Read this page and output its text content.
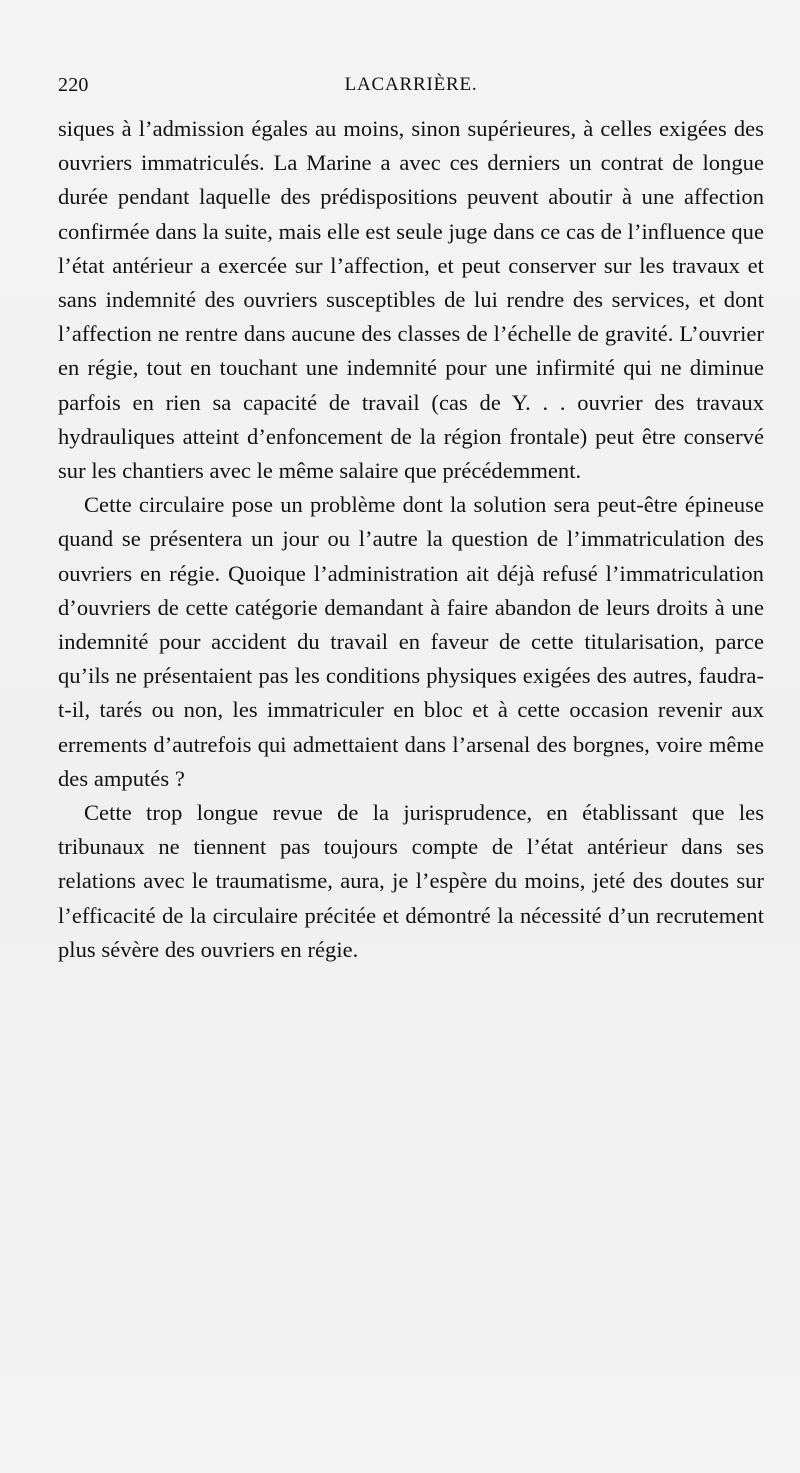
220	LACARRIÈRE.

siques à l’admission égales au moins, sinon supérieures, à celles exigées des ouvriers immatriculés. La Marine a avec ces derniers un contrat de longue durée pendant laquelle des prédispositions peuvent aboutir à une affection confirmée dans la suite, mais elle est seule juge dans ce cas de l’influence que l’état antérieur a exercée sur l’affection, et peut conserver sur les travaux et sans indemnité des ouvriers susceptibles de lui rendre des services, et dont l’affection ne rentre dans aucune des classes de l’échelle de gravité. L’ouvrier en régie, tout en touchant une indemnité pour une infirmité qui ne diminue parfois en rien sa capacité de travail (cas de Y. . . ouvrier des travaux hydrauliques atteint d’enfoncement de la région frontale) peut être conservé sur les chantiers avec le même salaire que précédemment.

Cette circulaire pose un problème dont la solution sera peut-être épineuse quand se présentera un jour ou l’autre la question de l’immatriculation des ouvriers en régie. Quoique l’administration ait déjà refusé l’immatriculation d’ouvriers de cette catégorie demandant à faire abandon de leurs droits à une indemnité pour accident du travail en faveur de cette titularisation, parce qu’ils ne présentaient pas les conditions physiques exigées des autres, faudra-t-il, tarés ou non, les immatriculer en bloc et à cette occasion revenir aux errements d’autrefois qui admettaient dans l’arsenal des borgnes, voire même des amputés ?

Cette trop longue revue de la jurisprudence, en établissant que les tribunaux ne tiennent pas toujours compte de l’état antérieur dans ses relations avec le traumatisme, aura, je l’espère du moins, jeté des doutes sur l’efficacité de la circulaire précitée et démontré la nécessité d’un recrutement plus sévère des ouvriers en régie.
